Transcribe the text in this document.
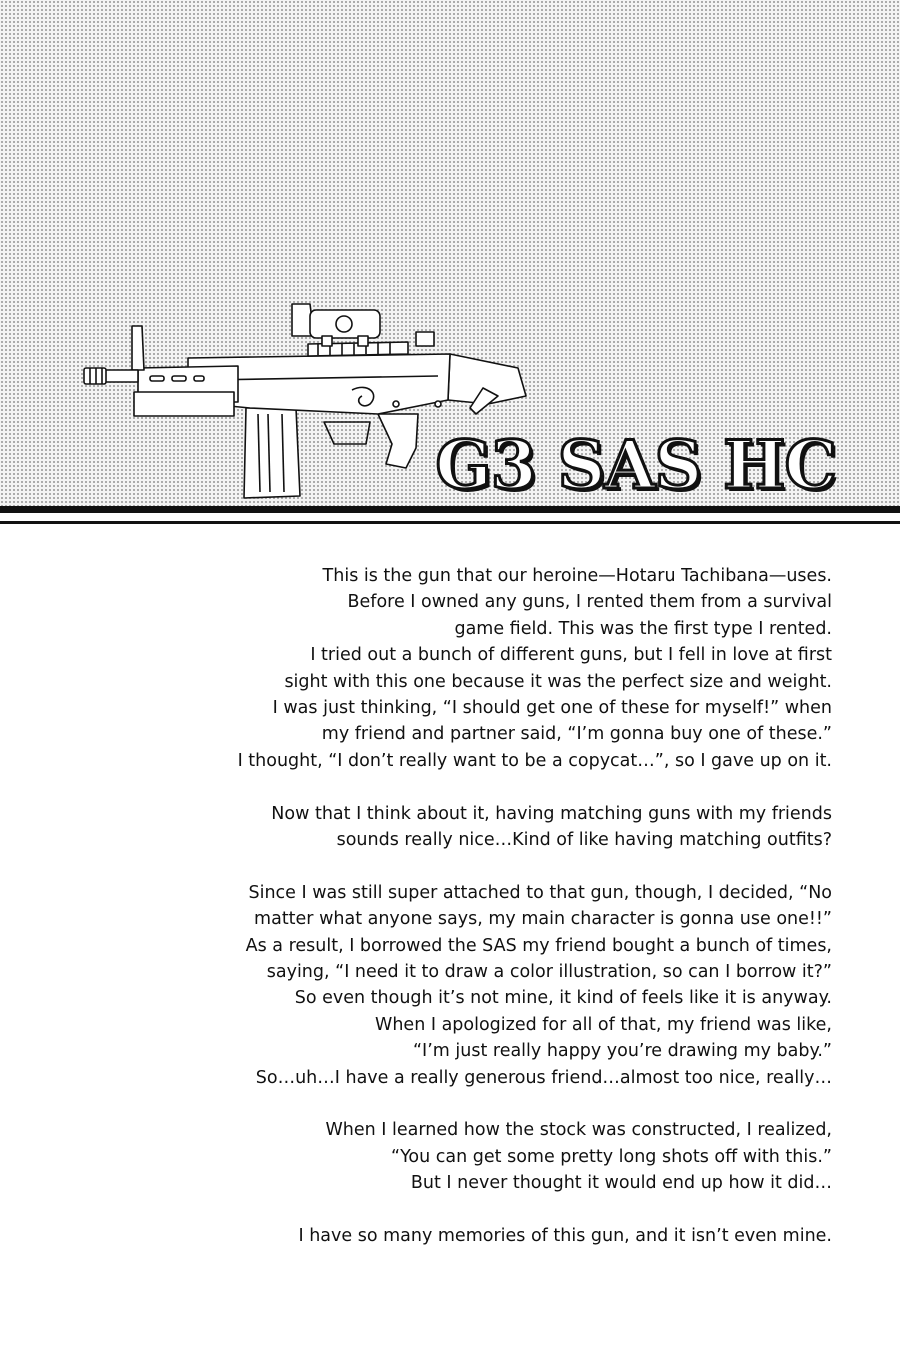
G3 SAS HC

This is the gun that our heroine—Hotaru Tachibana—uses.
Before I owned any guns, I rented them from a survival
game field. This was the first type I rented.
I tried out a bunch of different guns, but I fell in love at first
sight with this one because it was the perfect size and weight.
I was just thinking, “I should get one of these for myself!” when
my friend and partner said, “I’m gonna buy one of these.”
I thought, “I don’t really want to be a copycat…”, so I gave up on it.

Now that I think about it, having matching guns with my friends
sounds really nice…Kind of like having matching outfits?

Since I was still super attached to that gun, though, I decided, “No
matter what anyone says, my main character is gonna use one!!”
As a result, I borrowed the SAS my friend bought a bunch of times,
saying, “I need it to draw a color illustration, so can I borrow it?”
So even though it’s not mine, it kind of feels like it is anyway.
When I apologized for all of that, my friend was like,
“I’m just really happy you’re drawing my baby.”
So…uh…I have a really generous friend…almost too nice, really…

When I learned how the stock was constructed, I realized,
“You can get some pretty long shots off with this.”
But I never thought it would end up how it did…

I have so many memories of this gun, and it isn’t even mine.
